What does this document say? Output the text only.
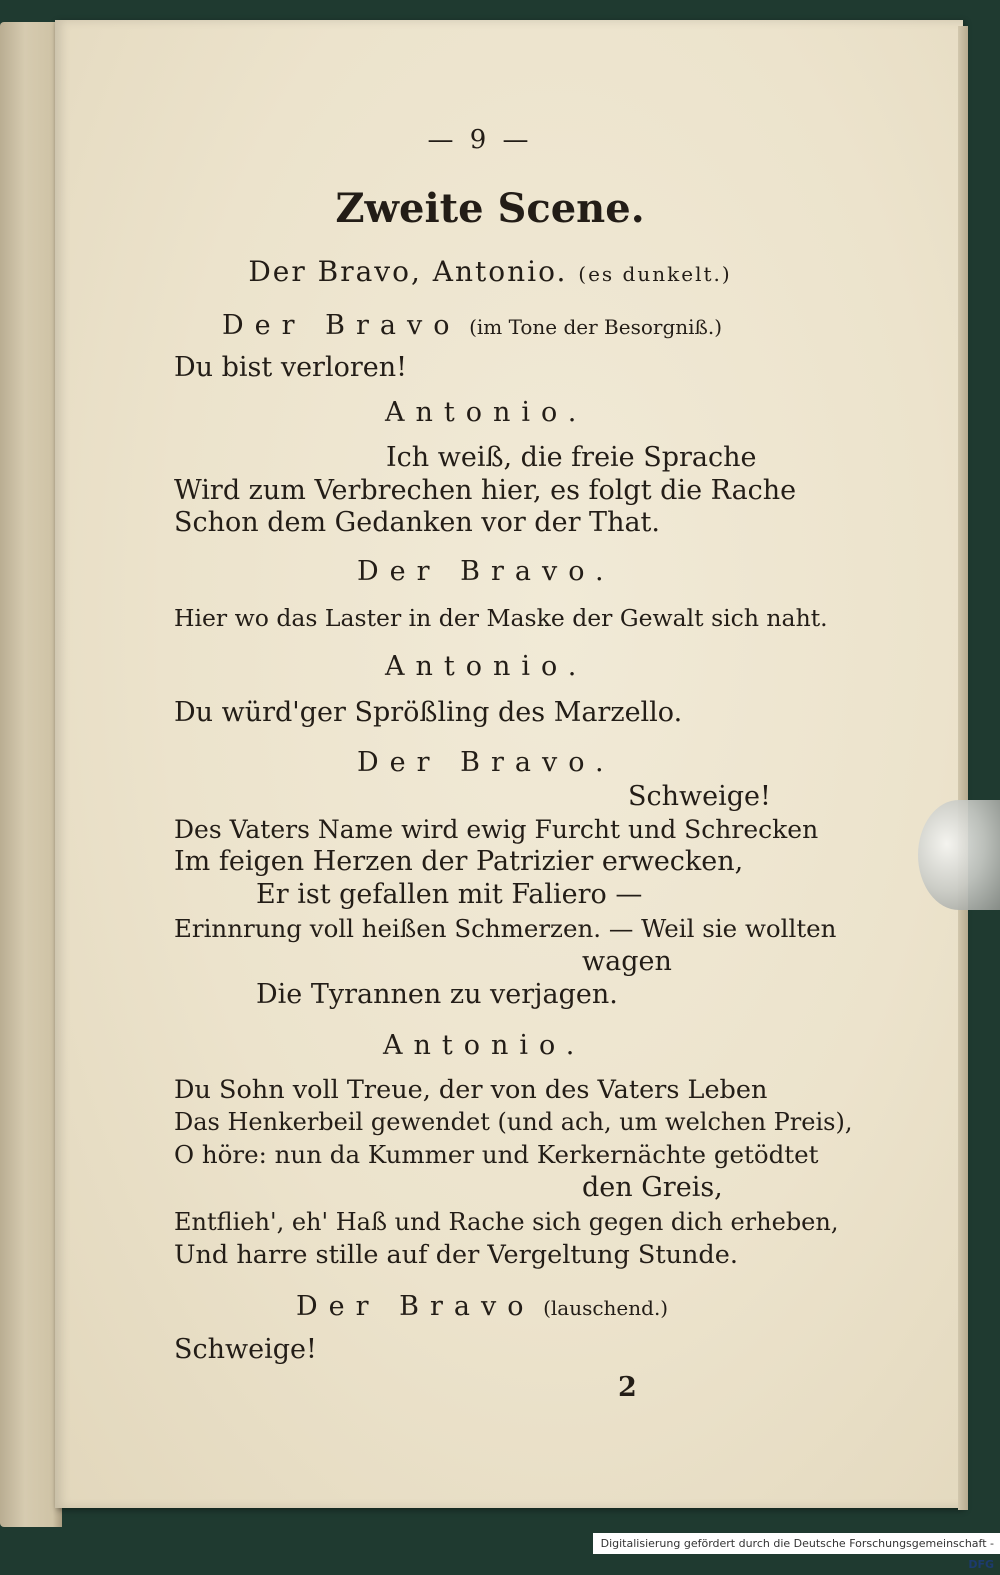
— 9 —
Zweite Scene.
Der Bravo, Antonio. (es dunkelt.)
Der Bravo (im Tone der Besorgniß.)
Du bist verloren!
Antonio.
Ich weiß, die freie Sprache
Wird zum Verbrechen hier, es folgt die Rache
Schon dem Gedanken vor der That.
Der Bravo.
Hier wo das Laster in der Maske der Gewalt sich naht.
Antonio.
Du würd'ger Sprößling des Marzello.
Der Bravo.
Schweige!
Des Vaters Name wird ewig Furcht und Schrecken
Im feigen Herzen der Patrizier erwecken,
Er ist gefallen mit Faliero —
Erinnrung voll heißen Schmerzen. — Weil sie wollten
wagen
Die Tyrannen zu verjagen.
Antonio.
Du Sohn voll Treue, der von des Vaters Leben
Das Henkerbeil gewendet (und ach, um welchen Preis),
O höre: nun da Kummer und Kerkernächte getödtet
den Greis,
Entflieh', eh' Haß und Rache sich gegen dich erheben,
Und harre stille auf der Vergeltung Stunde.
Der Bravo (lauschend.)
Schweige!
2
Digitalisierung gefördert durch die Deutsche Forschungsgemeinschaft - DFG
